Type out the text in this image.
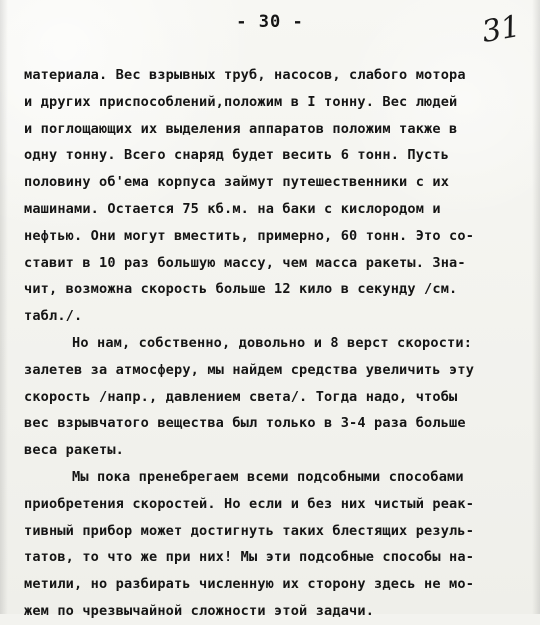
- 30 -	31
материала. Вес взрывных труб, насосов, слабого мотора
и других приспособлений,положим в I тонну. Вес людей
и поглощающих их выделения аппаратов положим также в
одну тонну. Всего снаряд будет весить 6 тонн. Пусть
половину об'ема корпуса займут путешественники с их
машинами. Остается 75 кб.м. на баки с кислородом и
нефтью. Они могут вместить, примерно, 60 тонн. Это со-
ставит в 10 раз большую массу, чем масса ракеты. Зна-
чит, возможна скорость больше 12 кило в секунду /см.
табл./.
Но нам, собственно, довольно и 8 верст скорости:
залетев за атмосферу, мы найдем средства увеличить эту
скорость /напр., давлением света/. Тогда надо, чтобы
вес взрывчатого вещества был только в 3-4 раза больше
веса ракеты.
Мы пока пренебрегаем всеми подсобными способами
приобретения скоростей. Но если и без них чистый реак-
тивный прибор может достигнуть таких блестящих резуль-
татов, то что же при них! Мы эти подсобные способы на-
метили, но разбирать численную их сторону здесь не мо-
жем по чрезвычайной сложности этой задачи.
